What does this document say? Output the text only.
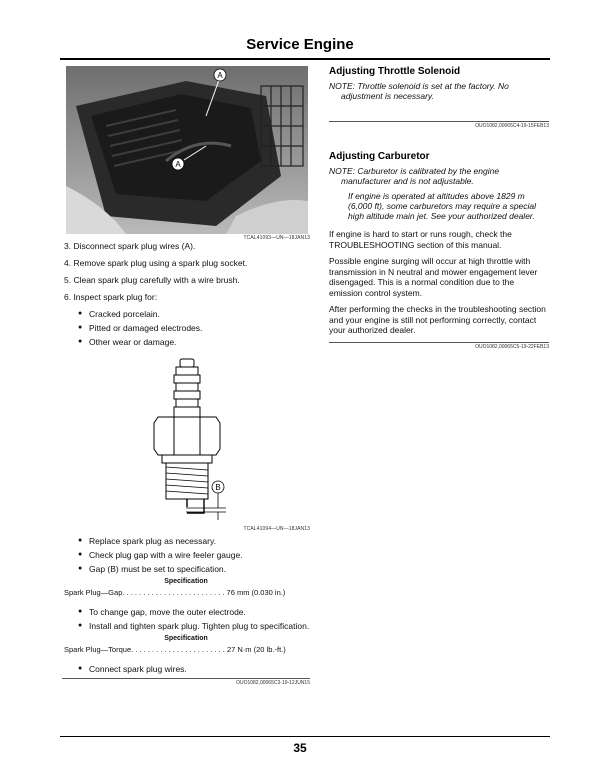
Service Engine
A
A
TCAL41093—UN—18JAN13
3. Disconnect spark plug wires (A).
4. Remove spark plug using a spark plug socket.
5. Clean spark plug carefully with a wire brush.
6. Inspect spark plug for:
● Cracked porcelain.
● Pitted or damaged electrodes.
● Other wear or damage.
B
TCAL41094—UN—18JAN13
● Replace spark plug as necessary.
● Check plug gap with a wire feeler gauge.
● Gap (B) must be set to specification.
Specification
Spark Plug—Gap. . . . . . . . . . . . . . . . . . . . . . . . . 76 mm (0.030 in.)
● To change gap, move the outer electrode.
● Install and tighten spark plug. Tighten plug to specification.
Specification
Spark Plug—Torque. . . . . . . . . . . . . . . . . . . . . . . 27 N·m (20 lb.-ft.)
● Connect spark plug wires.
OUO1082,00065C3-19-12JUN15
Adjusting Throttle Solenoid
NOTE: Throttle solenoid is set at the factory. No adjustment is necessary.
OUO1082,00065C4-19-15FEB13
Adjusting Carburetor
NOTE: Carburetor is calibrated by the engine manufacturer and is not adjustable.
If engine is operated at altitudes above 1829 m (6,000 ft), some carburetors may require a special high altitude main jet. See your authorized dealer.
If engine is hard to start or runs rough, check the TROUBLESHOOTING section of this manual.
Possible engine surging will occur at high throttle with transmission in N neutral and mower engagement lever disengaged. This is a normal condition due to the emission control system.
After performing the checks in the troubleshooting section and your engine is still not performing correctly, contact your authorized dealer.
OUO1082,00065C5-19-22FEB13
35
